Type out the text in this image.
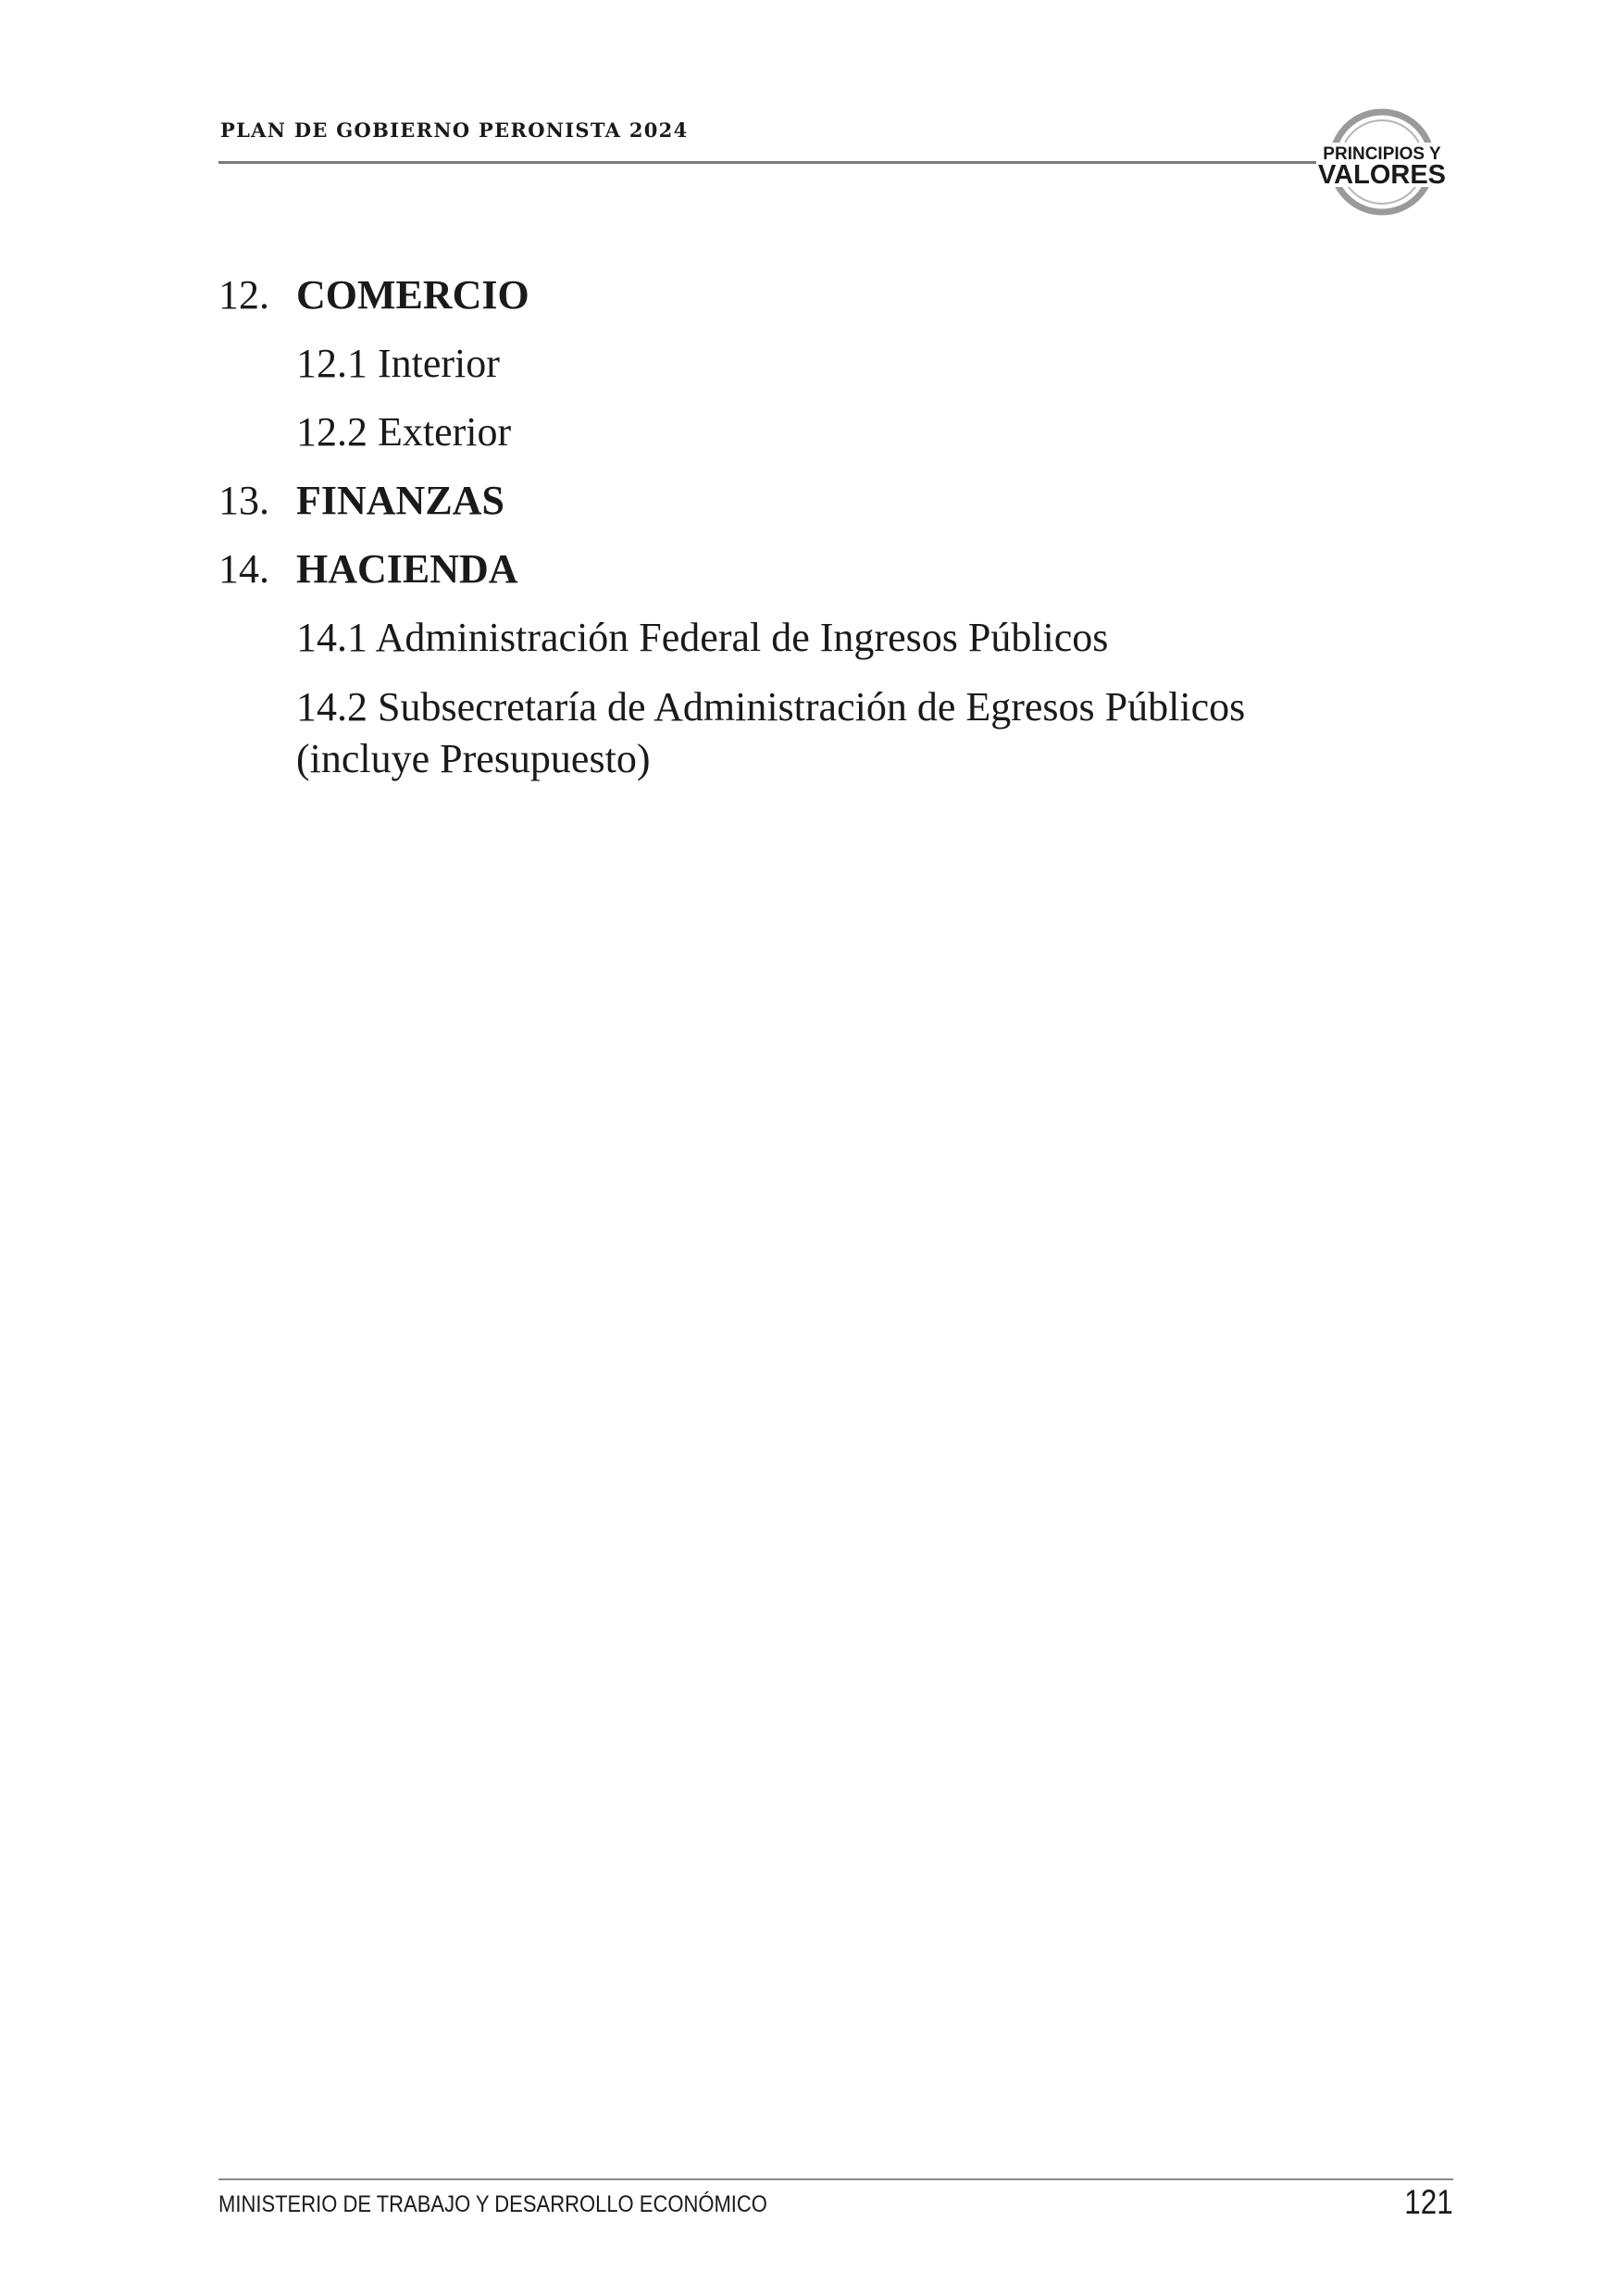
PLAN DE GOBIERNO PERONISTA 2024
PRINCIPIOS Y
VALORES
12. COMERCIO
12.1 Interior
12.2 Exterior
13. FINANZAS
14. HACIENDA
14.1 Administración Federal de Ingresos Públicos
14.2 Subsecretaría de Administración de Egresos Públicos (incluye Presupuesto)
MINISTERIO DE TRABAJO Y DESARROLLO ECONÓMICO	121
